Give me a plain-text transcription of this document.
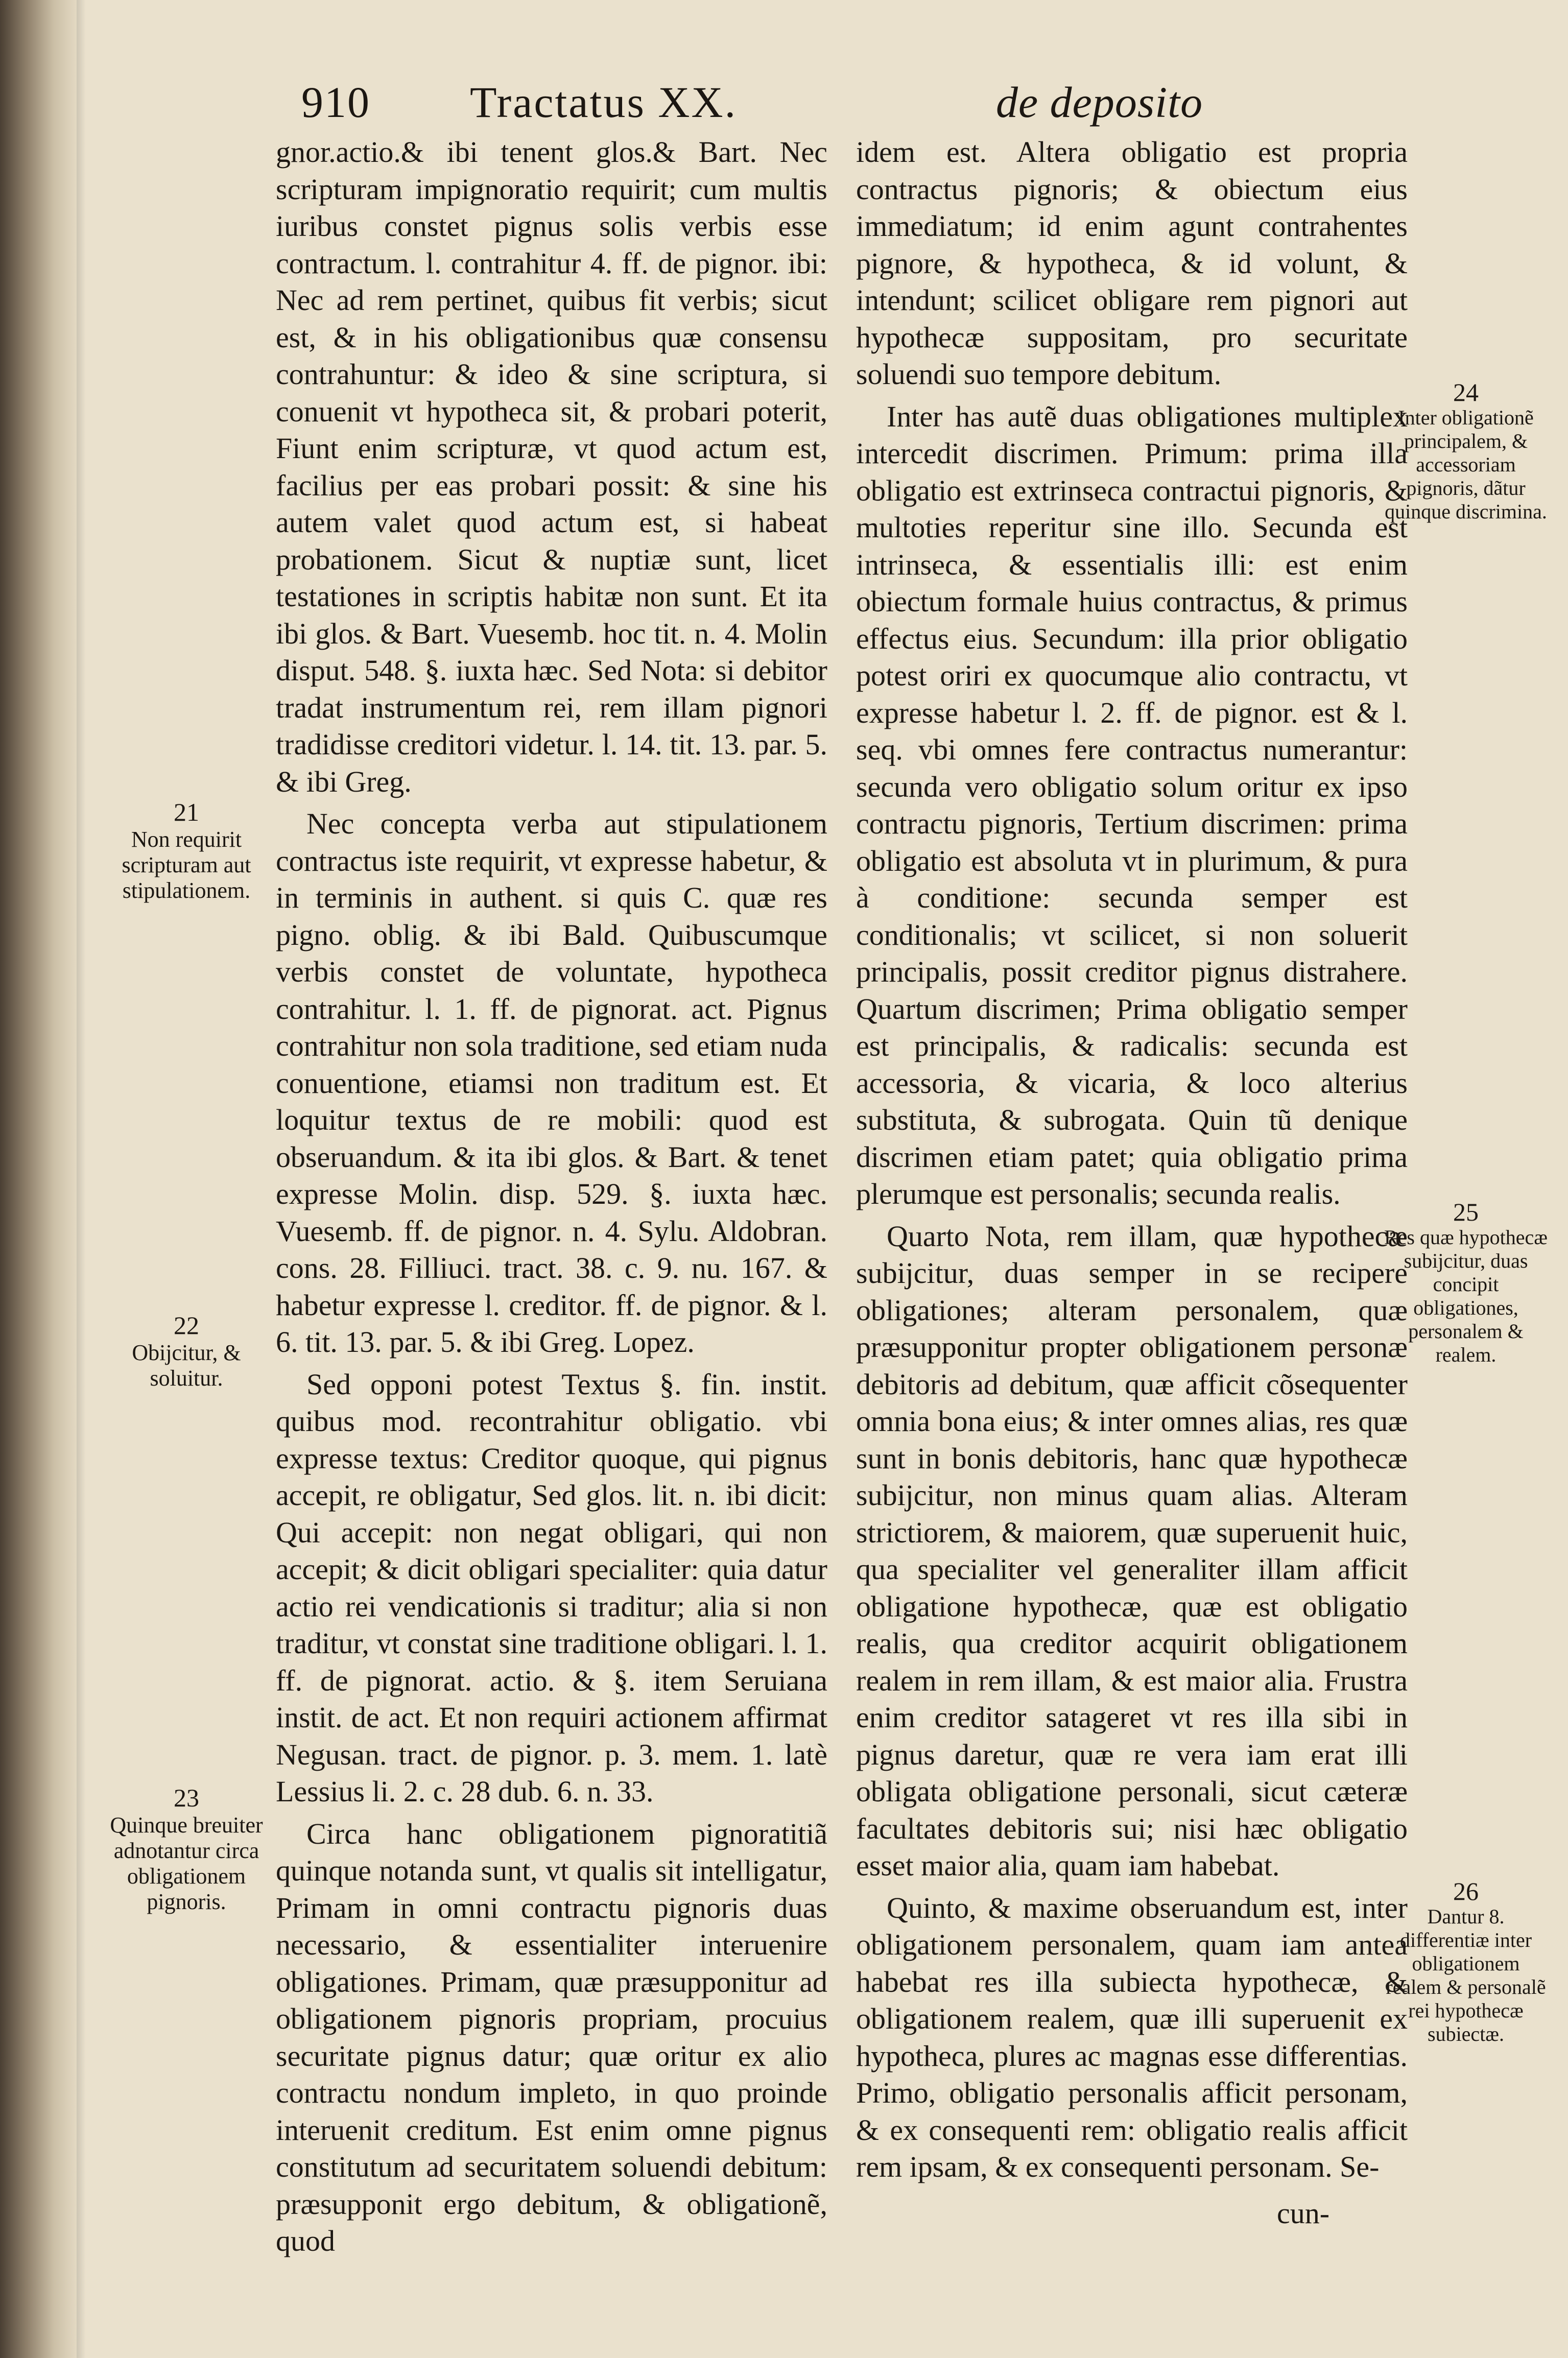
910 Tractatus XX.	de deposito
21
Non requirit scripturam aut stipulationem.
22
Obijcitur, & soluitur.
23
Quinque breuiter adnotantur circa obligationem pignoris.

gnor.actio.& ibi tenent glos.& Bart. Nec scripturam impignoratio requirit; cum multis iuribus constet pignus solis verbis esse contractum. l. contrahitur 4. ff. de pignor. ibi: Nec ad rem pertinet, quibus fit verbis; sicut est, & in his obligationibus quæ consensu contrahuntur: & ideo & sine scriptura, si conuenit vt hypotheca sit, & probari poterit, Fiunt enim scripturæ, vt quod actum est, facilius per eas probari possit: & sine his autem valet quod actum est, si habeat probationem. Sicut & nuptiæ sunt, licet testationes in scriptis habitæ non sunt. Et ita ibi glos. & Bart. Vuesemb. hoc tit. n. 4. Molin disput. 548. §. iuxta hæc. Sed Nota: si debitor tradat instrumentum rei, rem illam pignori tradidisse creditori videtur. l. 14. tit. 13. par. 5. & ibi Greg.

Nec concepta verba aut stipulationem contractus iste requirit, vt expresse habetur, & in terminis in authent. si quis C. quæ res pigno. oblig. & ibi Bald. Quibuscumque verbis constet de voluntate, hypotheca contrahitur. l. 1. ff. de pignorat. act. Pignus contrahitur non sola traditione, sed etiam nuda conuentione, etiamsi non traditum est. Et loquitur textus de re mobili: quod est obseruandum. & ita ibi glos. & Bart. & tenet expresse Molin. disp. 529. §. iuxta hæc. Vuesemb. ff. de pignor. n. 4. Sylu. Aldobran. cons. 28. Filliuci. tract. 38. c. 9. nu. 167. & habetur expresse l. creditor. ff. de pignor. & l. 6. tit. 13. par. 5. & ibi Greg. Lopez.

Sed opponi potest Textus §. fin. instit. quibus mod. recontrahitur obligatio. vbi expresse textus: Creditor quoque, qui pignus accepit, re obligatur, Sed glos. lit. n. ibi dicit: Qui accepit: non negat obligari, qui non accepit; & dicit obligari specialiter: quia datur actio rei vendicationis si traditur; alia si non traditur, vt constat sine traditione obligari. l. 1. ff. de pignorat. actio. & §. item Seruiana instit. de act. Et non requiri actionem affirmat Negusan. tract. de pignor. p. 3. mem. 1. latè Lessius li. 2. c. 28 dub. 6. n. 33.

Circa hanc obligationem pignoratitiã quinque notanda sunt, vt qualis sit intelligatur, Primam in omni contractu pignoris duas necessario, & essentialiter interuenire obligationes. Primam, quæ præsupponitur ad obligationem pignoris propriam, procuius securitate pignus datur; quæ oritur ex alio contractu nondum impleto, in quo proinde interuenit creditum. Est enim omne pignus constitutum ad securitatem soluendi debitum: præsupponit ergo debitum, & obligationẽ, quod

idem est. Altera obligatio est propria contractus pignoris; & obiectum eius immediatum; id enim agunt contrahentes pignore, & hypotheca, & id volunt, & intendunt; scilicet obligare rem pignori aut hypothecæ suppositam, pro securitate soluendi suo tempore debitum.

Inter has autẽ duas obligationes multiplex intercedit discrimen. Primum: prima illa obligatio est extrinseca contractui pignoris, & multoties reperitur sine illo. Secunda est intrinseca, & essentialis illi: est enim obiectum formale huius contractus, & primus effectus eius. Secundum: illa prior obligatio potest oriri ex quocumque alio contractu, vt expresse habetur l. 2. ff. de pignor. est & l. seq. vbi omnes fere contractus numerantur: secunda vero obligatio solum oritur ex ipso contractu pignoris, Tertium discrimen: prima obligatio est absoluta vt in plurimum, & pura à conditione: secunda semper est conditionalis; vt scilicet, si non soluerit principalis, possit creditor pignus distrahere. Quartum discrimen; Prima obligatio semper est principalis, & radicalis: secunda est accessoria, & vicaria, & loco alterius substituta, & subrogata. Quin tũ denique discrimen etiam patet; quia obligatio prima plerumque est personalis; secunda realis.

Quarto Nota, rem illam, quæ hypothecæ subijcitur, duas semper in se recipere obligationes; alteram personalem, quæ præsupponitur propter obligationem personæ debitoris ad debitum, quæ afficit cõsequenter omnia bona eius; & inter omnes alias, res quæ sunt in bonis debitoris, hanc quæ hypothecæ subijcitur, non minus quam alias. Alteram strictiorem, & maiorem, quæ superuenit huic, qua specialiter vel generaliter illam afficit obligatione hypothecæ, quæ est obligatio realis, qua creditor acquirit obligationem realem in rem illam, & est maior alia. Frustra enim creditor satageret vt res illa sibi in pignus daretur, quæ re vera iam erat illi obligata obligatione personali, sicut cæteræ facultates debitoris sui; nisi hæc obligatio esset maior alia, quam iam habebat.

Quinto, & maxime obseruandum est, inter obligationem personalem, quam iam antea habebat res illa subiecta hypothecæ, & obligationem realem, quæ illi superuenit ex hypotheca, plures ac magnas esse differentias. Primo, obligatio personalis afficit personam, & ex consequenti rem: obligatio realis afficit rem ipsam, & ex consequenti personam. Se-

24
Inter obligationẽ principalem, & accessoriam pignoris, dãtur quinque discrimina.
25
Res quæ hypothecæ subijcitur, duas concipit obligationes, personalem & realem.
26
Dantur 8. differentiæ inter obligationem realem & personalẽ rei hypothecæ subiectæ.
cun-
